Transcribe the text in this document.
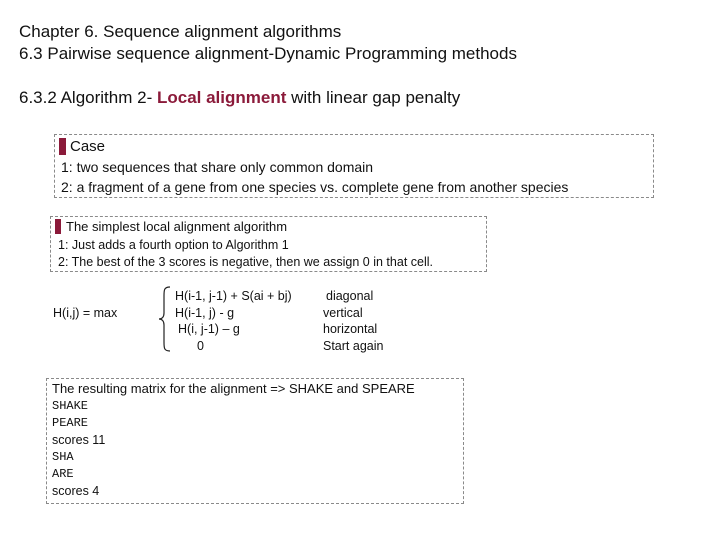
Chapter 6. Sequence alignment algorithms
6.3 Pairwise sequence alignment-Dynamic Programming methods
6.3.2 Algorithm 2- Local alignment with linear gap penalty
Case
1: two sequences that share only common domain
2: a fragment of a gene from one species vs. complete gene from another species
The simplest local alignment algorithm
1: Just adds a fourth option to Algorithm 1
2: The best of the 3 scores is negative, then we assign 0 in that cell.
H(i,j) = max
H(i-1, j-1) + S(ai + bj)
H(i-1, j) - g
H(i, j-1) – g
0
diagonal
vertical
horizontal
Start again
The resulting matrix for the alignment => SHAKE and SPEARE
SHAKE
PEARE
scores 11
SHA
ARE
scores 4
